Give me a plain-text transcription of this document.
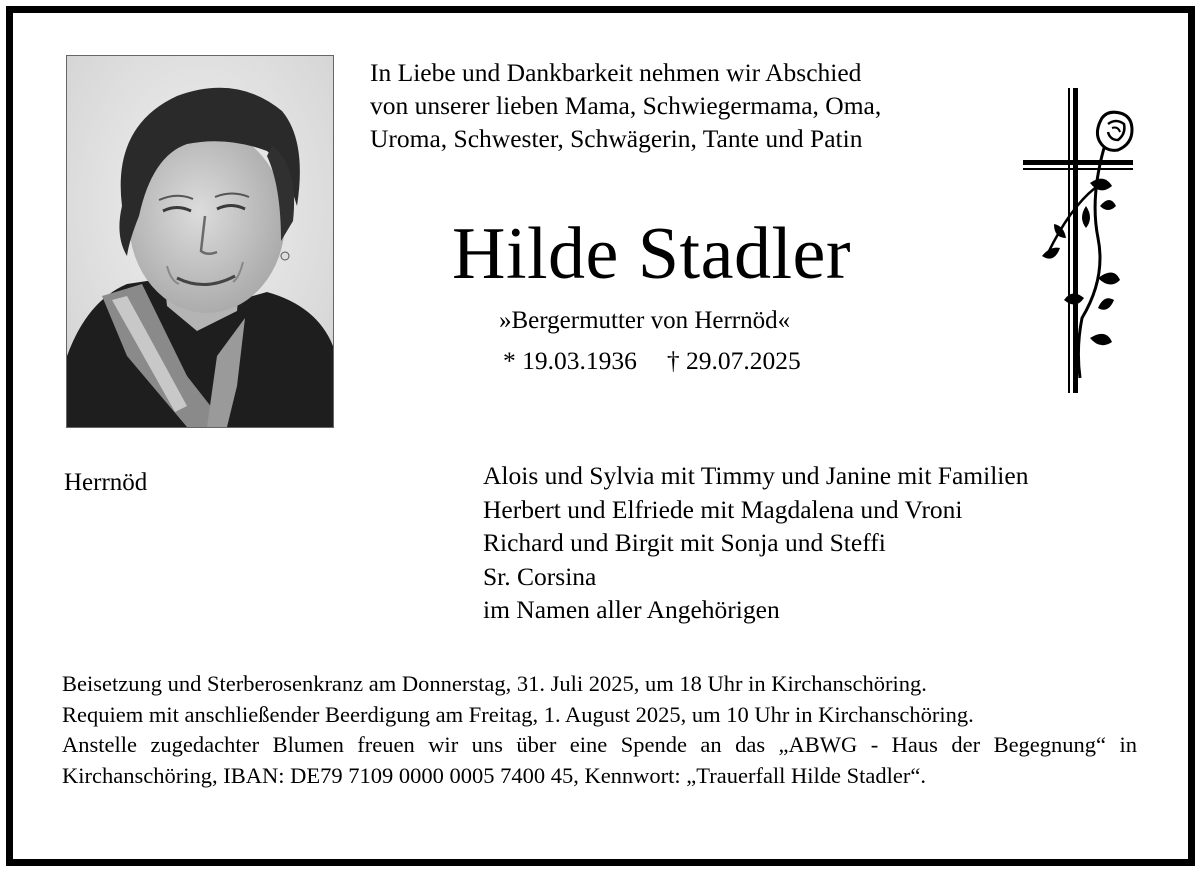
In Liebe und Dankbarkeit nehmen wir Abschied
von unserer lieben Mama, Schwiegermama, Oma,
Uroma, Schwester, Schwägerin, Tante und Patin
Hilde Stadler
»Bergermutter von Herrnöd«
* 19.03.1936 † 29.07.2025
Herrnöd	Alois und Sylvia mit Timmy und Janine mit Familien
Herbert und Elfriede mit Magdalena und Vroni
Richard und Birgit mit Sonja und Steffi
Sr. Corsina
im Namen aller Angehörigen
Beisetzung und Sterberosenkranz am Donnerstag, 31. Juli 2025, um 18 Uhr in Kirchanschöring.
Requiem mit anschließender Beerdigung am Freitag, 1. August 2025, um 10 Uhr in Kirchanschöring.
Anstelle zugedachter Blumen freuen wir uns über eine Spende an das „ABWG - Haus der Begegnung“ in Kirchanschöring, IBAN: DE79 7109 0000 0005 7400 45, Kennwort: „Trauerfall Hilde Stadler“.
